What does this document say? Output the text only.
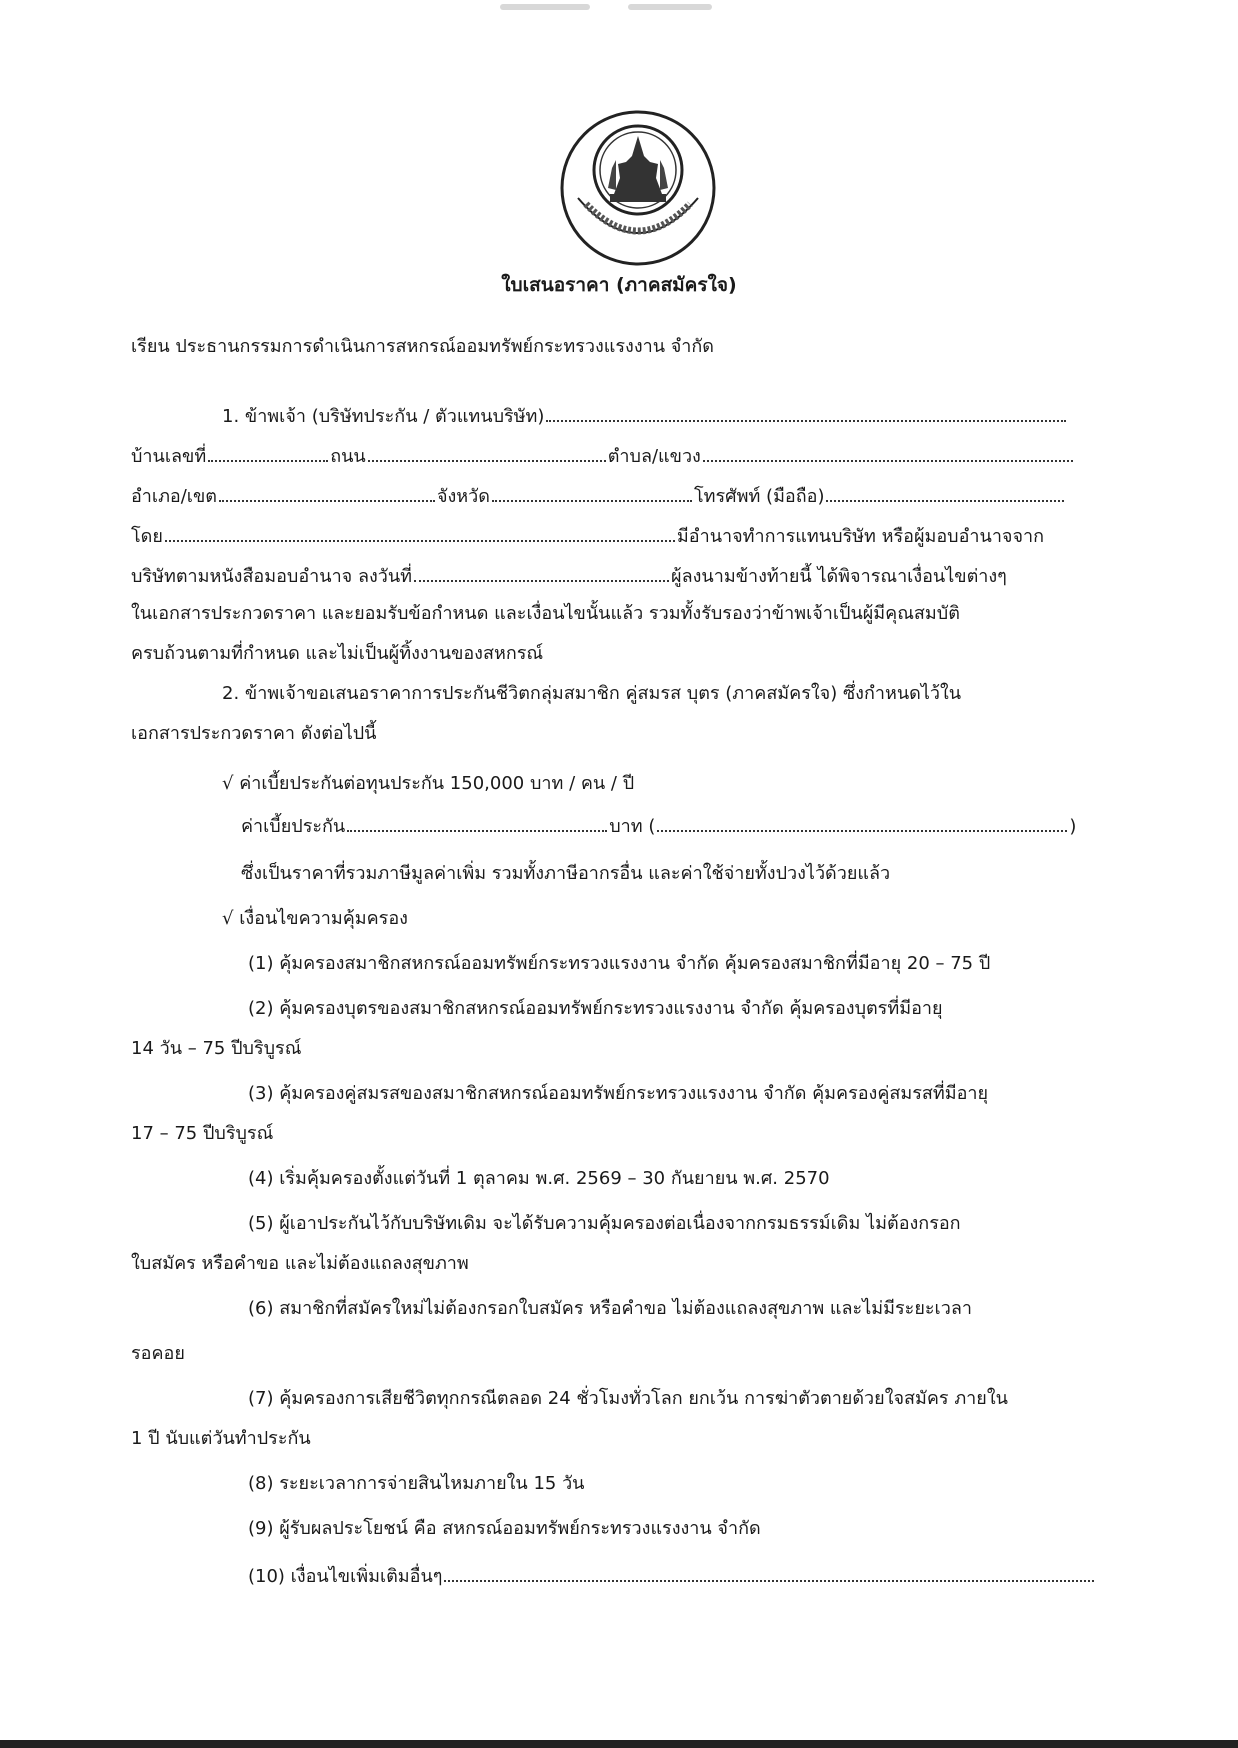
ใบเสนอราคา (ภาคสมัครใจ)
เรียน ประธานกรรมการดำเนินการสหกรณ์ออมทรัพย์กระทรวงแรงงาน จำกัด
1. ข้าพเจ้า (บริษัทประกัน / ตัวแทนบริษัท)
บ้านเลขที่	ถนน	ตำบล/แขวง
อำเภอ/เขต	จังหวัด	โทรศัพท์ (มือถือ)
โดย	มีอำนาจทำการแทนบริษัท หรือผู้มอบอำนาจจาก
บริษัทตามหนังสือมอบอำนาจ ลงวันที่	ผู้ลงนามข้างท้ายนี้ ได้พิจารณาเงื่อนไขต่างๆ
ในเอกสารประกวดราคา และยอมรับข้อกำหนด และเงื่อนไขนั้นแล้ว รวมทั้งรับรองว่าข้าพเจ้าเป็นผู้มีคุณสมบัติ
ครบถ้วนตามที่กำหนด และไม่เป็นผู้ทิ้งงานของสหกรณ์
2. ข้าพเจ้าขอเสนอราคาการประกันชีวิตกลุ่มสมาชิก คู่สมรส บุตร (ภาคสมัครใจ) ซึ่งกำหนดไว้ใน
เอกสารประกวดราคา ดังต่อไปนี้
√ ค่าเบี้ยประกันต่อทุนประกัน 150,000 บาท / คน / ปี
ค่าเบี้ยประกัน	บาท (	)
ซึ่งเป็นราคาที่รวมภาษีมูลค่าเพิ่ม รวมทั้งภาษีอากรอื่น และค่าใช้จ่ายทั้งปวงไว้ด้วยแล้ว
√ เงื่อนไขความคุ้มครอง
(1) คุ้มครองสมาชิกสหกรณ์ออมทรัพย์กระทรวงแรงงาน จำกัด คุ้มครองสมาชิกที่มีอายุ 20 – 75 ปี
(2) คุ้มครองบุตรของสมาชิกสหกรณ์ออมทรัพย์กระทรวงแรงงาน จำกัด คุ้มครองบุตรที่มีอายุ
14 วัน – 75 ปีบริบูรณ์
(3) คุ้มครองคู่สมรสของสมาชิกสหกรณ์ออมทรัพย์กระทรวงแรงงาน จำกัด คุ้มครองคู่สมรสที่มีอายุ
17 – 75 ปีบริบูรณ์
(4) เริ่มคุ้มครองตั้งแต่วันที่ 1 ตุลาคม พ.ศ. 2569 – 30 กันยายน พ.ศ. 2570
(5) ผู้เอาประกันไว้กับบริษัทเดิม จะได้รับความคุ้มครองต่อเนื่องจากกรมธรรม์เดิม ไม่ต้องกรอก
ใบสมัคร หรือคำขอ และไม่ต้องแถลงสุขภาพ
(6) สมาชิกที่สมัครใหม่ไม่ต้องกรอกใบสมัคร หรือคำขอ ไม่ต้องแถลงสุขภาพ และไม่มีระยะเวลา
รอคอย
(7) คุ้มครองการเสียชีวิตทุกกรณีตลอด 24 ชั่วโมงทั่วโลก ยกเว้น การฆ่าตัวตายด้วยใจสมัคร ภายใน
1 ปี นับแต่วันทำประกัน
(8) ระยะเวลาการจ่ายสินไหมภายใน 15 วัน
(9) ผู้รับผลประโยชน์ คือ สหกรณ์ออมทรัพย์กระทรวงแรงงาน จำกัด
(10) เงื่อนไขเพิ่มเติมอื่นๆ
